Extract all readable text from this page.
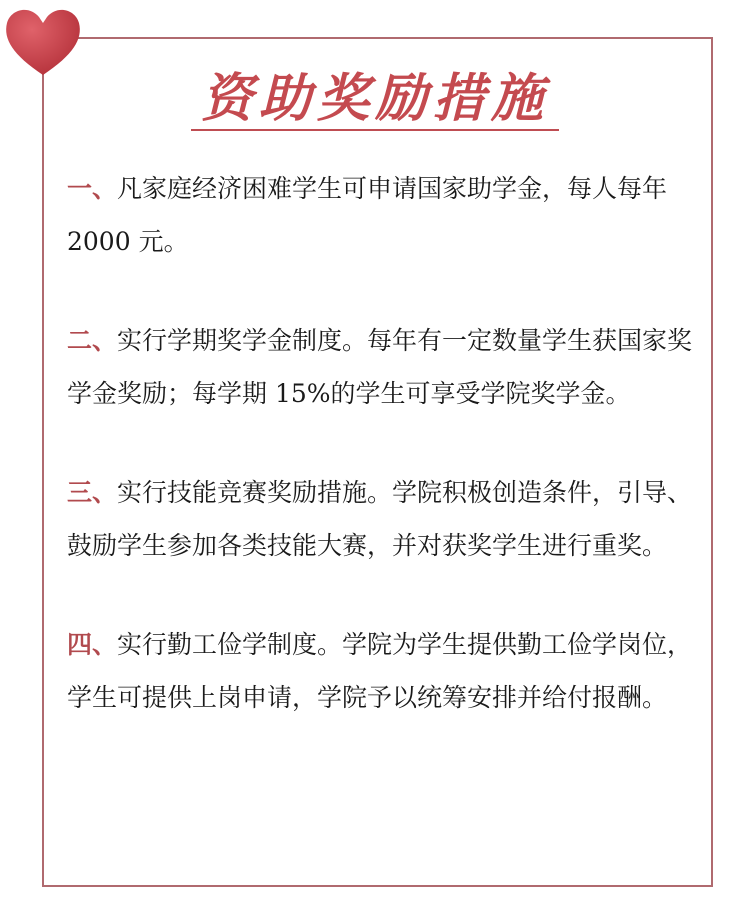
资助奖励措施
一、凡家庭经济困难学生可申请国家助学金，每人每年
2000 元。
二、实行学期奖学金制度。每年有一定数量学生获国家奖
学金奖励；每学期 15%的学生可享受学院奖学金。
三、实行技能竞赛奖励措施。学院积极创造条件，引导、
鼓励学生参加各类技能大赛，并对获奖学生进行重奖。
四、实行勤工俭学制度。学院为学生提供勤工俭学岗位，
学生可提供上岗申请，学院予以统筹安排并给付报酬。
